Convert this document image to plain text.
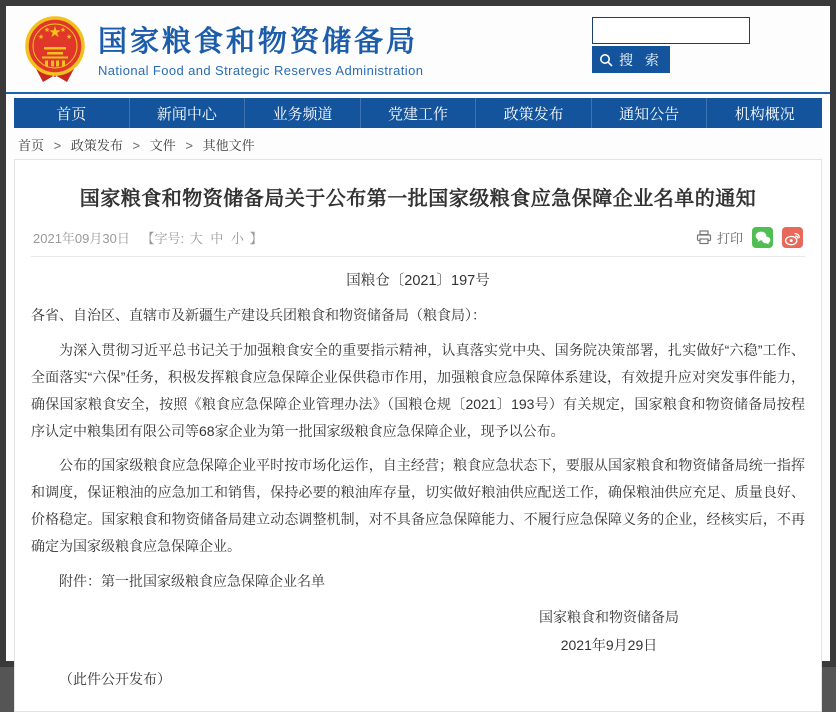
★
★
★ ★
★ 国家粮食和物资储备局
National Food and Strategic Reserves Administration
搜 索
首页	新闻中心	业务频道	党建工作	政策发布	通知公告	机构概况
首页 > 政策发布 > 文件 > 其他文件
国家粮食和物资储备局关于公布第一批国家级粮食应急保障企业名单的通知
2021年09月30日 【字号: 大 中 小 】	打印
国粮仓〔2021〕197号

各省、自治区、直辖市及新疆生产建设兵团粮食和物资储备局（粮食局）：

为深入贯彻习近平总书记关于加强粮食安全的重要指示精神，认真落实党中央、国务院决策部署，扎实做好“六稳”工作、全面落实“六保”任务，积极发挥粮食应急保障企业保供稳市作用，加强粮食应急保障体系建设，有效提升应对突发事件能力，确保国家粮食安全，按照《粮食应急保障企业管理办法》（国粮仓规〔2021〕193号）有关规定，国家粮食和物资储备局按程序认定中粮集团有限公司等68家企业为第一批国家级粮食应急保障企业，现予以公布。

公布的国家级粮食应急保障企业平时按市场化运作，自主经营；粮食应急状态下，要服从国家粮食和物资储备局统一指挥和调度，保证粮油的应急加工和销售，保持必要的粮油库存量，切实做好粮油供应配送工作，确保粮油供应充足、质量良好、价格稳定。国家粮食和物资储备局建立动态调整机制，对不具备应急保障能力、不履行应急保障义务的企业，经核实后，不再确定为国家级粮食应急保障企业。

附件：第一批国家级粮食应急保障企业名单

国家粮食和物资储备局
2021年9月29日

（此件公开发布）
